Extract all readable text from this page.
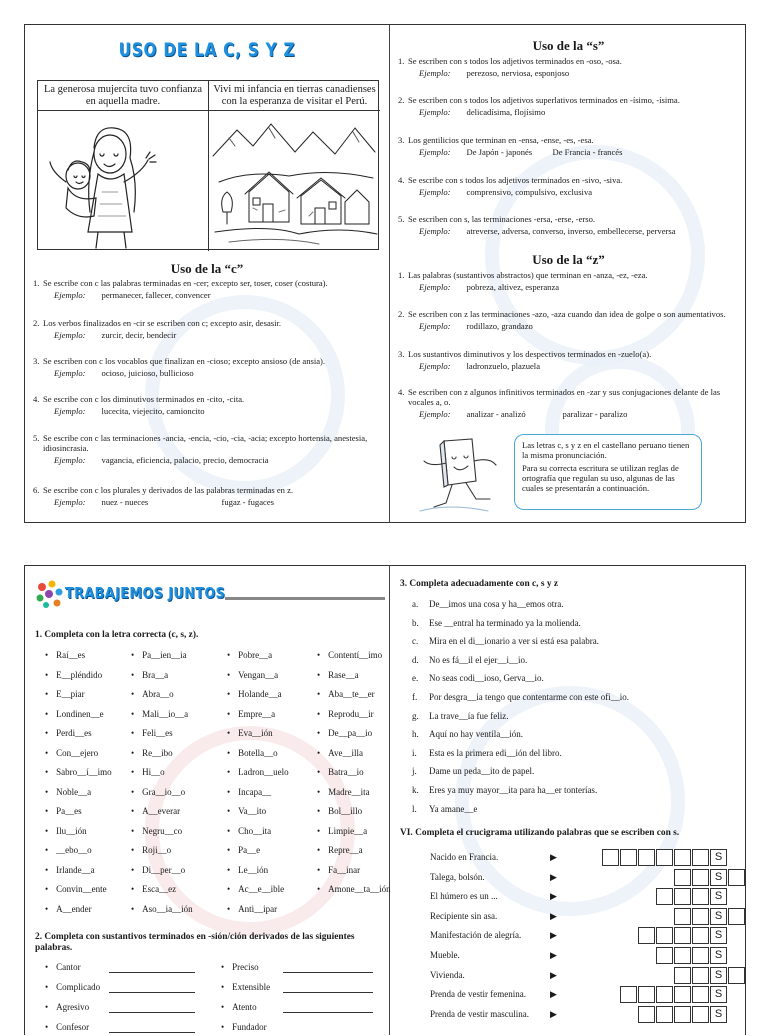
USO DE LA C, S Y Z
La generosa mujercita tuvo confianza en aquella madre.
Vivi mi infancia en tierras canadienses con la esperanza de visitar el Perú.
Uso de la “c”
1. Se escribe con c las palabras terminadas en -cer; excepto ser, toser, coser (costura).
Ejemplo: permanecer, fallecer, convencer
2. Los verbos finalizados en -cir se escriben con c; excepto asir, desasir.
Ejemplo: zurcir, decir, bendecir
3. Se escriben con c los vocablos que finalizan en -cioso; excepto ansioso (de ansia).
Ejemplo: ocioso, juicioso, bullicioso
4. Se escribe con c los diminutivos terminados en -cito, -cita.
Ejemplo: lucecita, viejecito, camioncito
5. Se escribe con c las terminaciones -ancia, -encia, -cio, -cia, -acia; excepto hortensia, anestesia, idiosincrasia.
Ejemplo: vagancia, eficiencia, palacio, precio, democracia
6. Se escribe con c los plurales y derivados de las palabras terminadas en z.
Ejemplo: nuez - nueces	fugaz - fugaces
Uso de la “s”
1. Se escriben con s todos los adjetivos terminados en -oso, -osa.
Ejemplo: perezoso, nerviosa, esponjoso
2. Se escriben con s todos los adjetivos superlativos terminados en -ísimo, -ísima.
Ejemplo: delicadísima, flojísimo
3. Los gentilicios que terminan en -ensa, -ense, -es, -esa.
Ejemplo: De Japón - japonés De Francia - francés
4. Se escribe con s todos los adjetivos terminados en -sivo, -siva.
Ejemplo: comprensivo, compulsivo, exclusiva
5. Se escriben con s, las terminaciones -ersa, -erse, -erso.
Ejemplo: atreverse, adversa, converso, inverso, embellecerse, perversa
Uso de la “z”
1. Las palabras (sustantivos abstractos) que terminan en -anza, -ez, -eza.
Ejemplo: pobreza, altivez, esperanza
2. Se escriben con z las terminaciones -azo, -aza cuando dan idea de golpe o son aumentativos.
Ejemplo: rodillazo, grandazo
3. Los sustantivos diminutivos y los despectivos terminados en -zuelo(a).
Ejemplo: ladronzuelo, plazuela
4. Se escriben con z algunos infinitivos terminados en -zar y sus conjugaciones delante de las vocales a, o.
Ejemplo: analizar - analizó	paralizar - paralizo
Las letras c, s y z en el castellano peruano tienen la misma pronunciación.
Para su correcta escritura se utilizan reglas de ortografía que regulan su uso, algunas de las cuales se presentarán a continuación.
TRABAJEMOS JUNTOS
1. Completa con la letra correcta (c, s, z).
• Raí__es
• E__pléndido
• E__piar
• Londinen__e
• Perdi__es
• Con__ejero
• Sabro__í__imo
• Noble__a
• Pa__es
• Ilu__ión
• __ebo__o
• Irlande__a
• Convin__ente
• A__ender
• Pa__ien__ia
• Bra__a
• Abra__o
• Mali__io__a
• Feli__es
• Re__ibo
• Hi__o
• Gra__io__o
• A__everar
• Negru__co
• Roji__o
• Di__per__o
• Esca__ez
• Aso__ia__ión
• Pobre__a
• Vengan__a
• Holande__a
• Empre__a
• Eva__ión
• Botella__o
• Ladron__uelo
• Incapa__
• Va__ito
• Cho__ita
• Pa__e
• Le__ión
• Ac__e__ible
• Anti__ipar
• Contentí__imo
• Rase__a
• Aba__te__er
• Reprodu__ir
• De__pa__io
• Ave__illa
• Batra__io
• Madre__ita
• Bol__illo
• Limpie__a
• Repre__a
• Fa__inar
• Amone__ta__ión
2. Completa con sustantivos terminados en -sión/ción derivados de las siguientes palabras.
• Cantor
• Complicado
• Agresivo
• Confesor
• Preciso
• Extensible
• Atento
• Fundador
3. Completa adecuadamente con c, s y z
a. De__imos una cosa y ha__emos otra.
b. Ese __entral ha terminado ya la molienda.
c. Mira en el di__ionario a ver si está esa palabra.
d. No es fá__il el ejer__i__io.
e. No seas codi__ioso, Gerva__io.
f. Por desgra__ia tengo que contentarme con este ofi__io.
g. La trave__ía fue feliz.
h. Aquí no hay ventila__ión.
i. Esta es la primera edi__ión del libro.
j. Dame un peda__ito de papel.
k. Eres ya muy mayor__ita para ha__er tonterías.
l. Ya amane__e
VI. Completa el crucigrama utilizando palabras que se escriben con s.
Nacido en Francia.	▶	S
Talega, bolsón.	▶	S
El húmero es un ...	▶	S
Recipiente sin asa.	▶	S
Manifestación de alegría.	▶	S
Mueble.	▶	S
Vivienda.	▶	S
Prenda de vestir femenina.	▶	S
Prenda de vestir masculina. ▶	S
